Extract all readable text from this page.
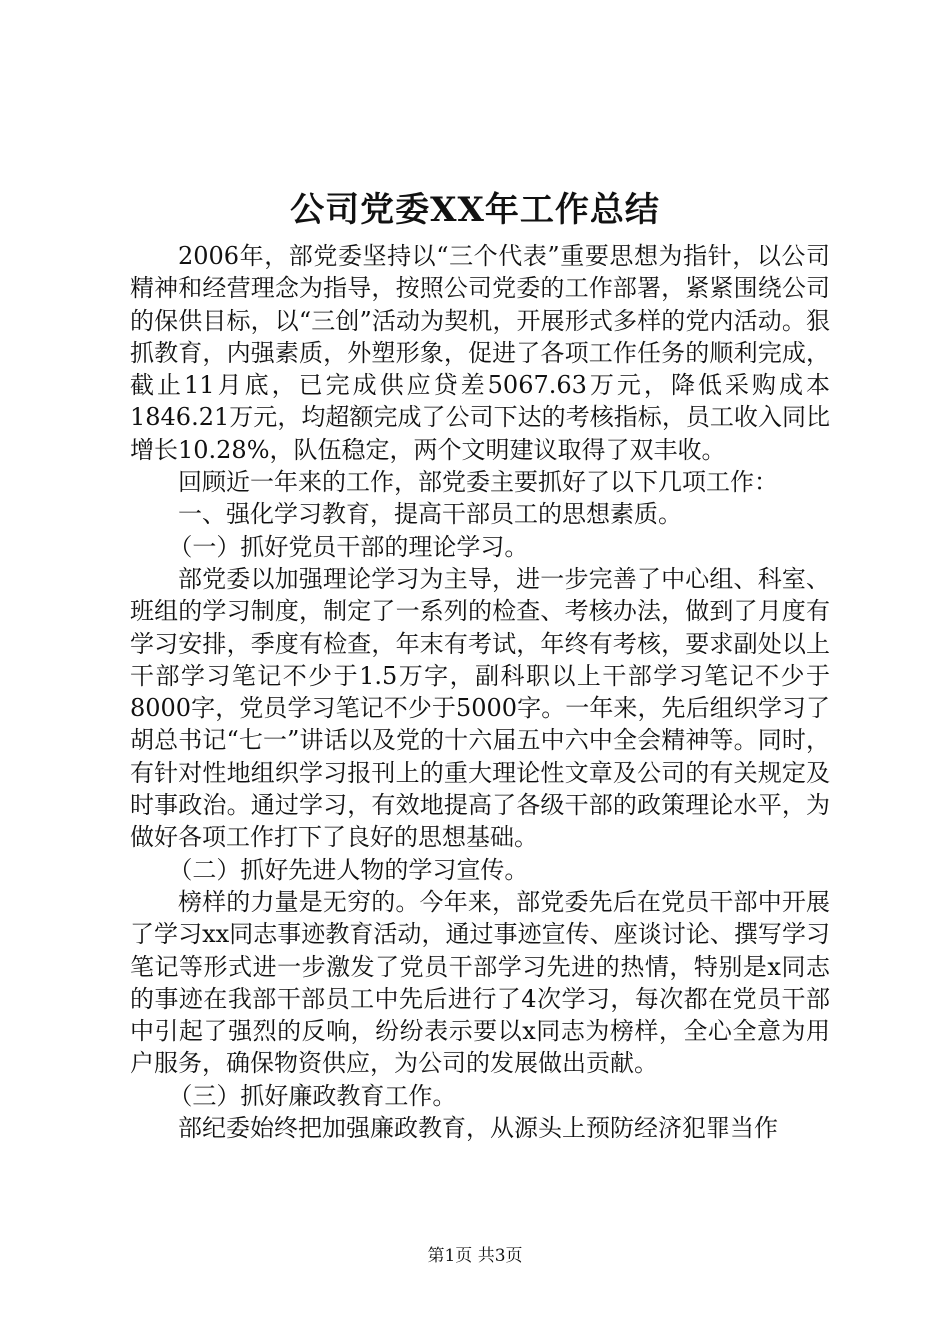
公司党委XX年工作总结

2006年，部党委坚持以“三个代表”重要思想为指针，以公司精神和经营理念为指导，按照公司党委的工作部署，紧紧围绕公司的保供目标，以“三创”活动为契机，开展形式多样的党内活动。狠抓教育，内强素质，外塑形象，促进了各项工作任务的顺利完成，截止11月底，已完成供应贷差5067.63万元，降低采购成本1846.21万元，均超额完成了公司下达的考核指标，员工收入同比增长10.28%，队伍稳定，两个文明建议取得了双丰收。

回顾近一年来的工作，部党委主要抓好了以下几项工作：

一、强化学习教育，提高干部员工的思想素质。

（一）抓好党员干部的理论学习。

部党委以加强理论学习为主导，进一步完善了中心组、科室、班组的学习制度，制定了一系列的检查、考核办法，做到了月度有学习安排，季度有检查，年末有考试，年终有考核，要求副处以上干部学习笔记不少于1.5万字，副科职以上干部学习笔记不少于8000字，党员学习笔记不少于5000字。一年来，先后组织学习了胡总书记“七一”讲话以及党的十六届五中六中全会精神等。同时，有针对性地组织学习报刊上的重大理论性文章及公司的有关规定及时事政治。通过学习，有效地提高了各级干部的政策理论水平，为做好各项工作打下了良好的思想基础。

（二）抓好先进人物的学习宣传。

榜样的力量是无穷的。今年来，部党委先后在党员干部中开展了学习xx同志事迹教育活动，通过事迹宣传、座谈讨论、撰写学习笔记等形式进一步激发了党员干部学习先进的热情，特别是x同志的事迹在我部干部员工中先后进行了4次学习，每次都在党员干部中引起了强烈的反响，纷纷表示要以x同志为榜样，全心全意为用户服务，确保物资供应，为公司的发展做出贡献。

（三）抓好廉政教育工作。

部纪委始终把加强廉政教育，从源头上预防经济犯罪当作

第1页 共3页
